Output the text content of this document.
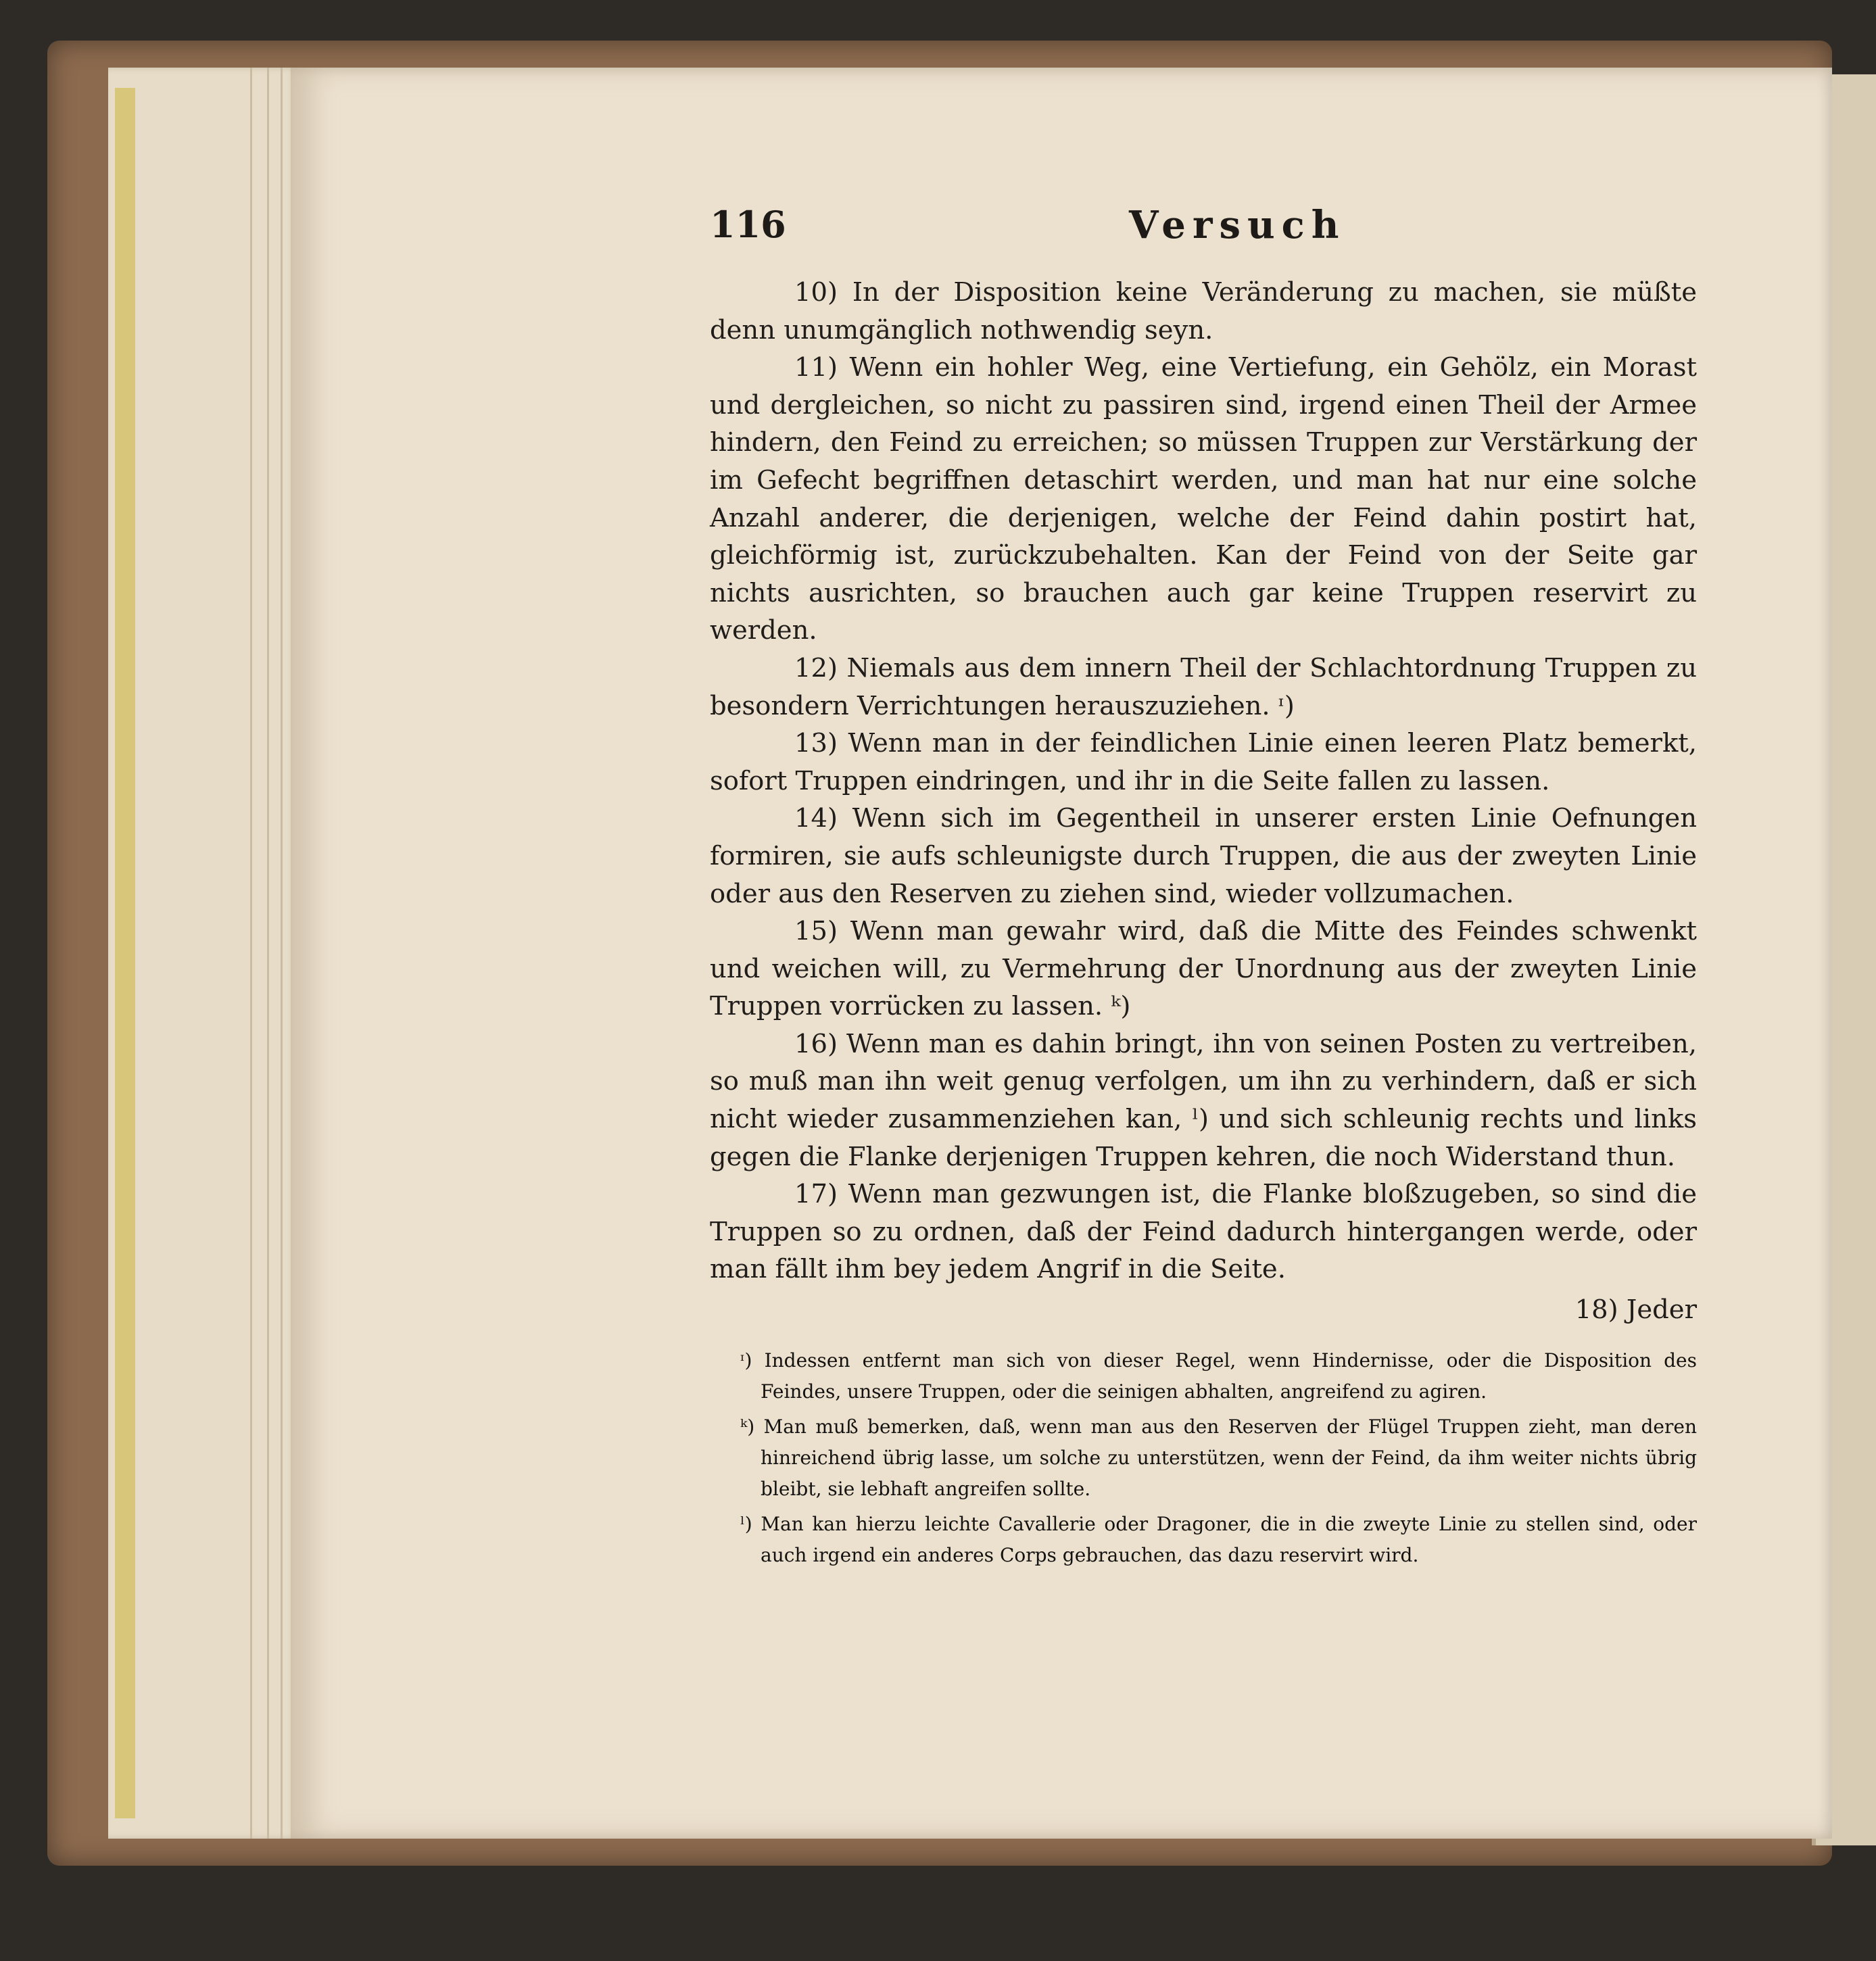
116	Versuch

10) In der Disposition keine Veränderung zu machen, sie müßte denn unumgänglich nothwendig seyn.

11) Wenn ein hohler Weg, eine Vertiefung, ein Gehölz, ein Morast und dergleichen, so nicht zu passiren sind, irgend einen Theil der Armee hindern, den Feind zu erreichen; so müssen Truppen zur Verstärkung der im Gefecht begriffnen detaschirt werden, und man hat nur eine solche Anzahl anderer, die derjenigen, welche der Feind dahin postirt hat, gleichförmig ist, zurückzubehalten. Kan der Feind von der Seite gar nichts ausrichten, so brauchen auch gar keine Truppen reservirt zu werden.

12) Niemals aus dem innern Theil der Schlachtordnung Truppen zu besondern Verrichtungen herauszuziehen. ᶦ)

13) Wenn man in der feindlichen Linie einen leeren Platz bemerkt, sofort Truppen eindringen, und ihr in die Seite fallen zu lassen.

14) Wenn sich im Gegentheil in unserer ersten Linie Oefnungen formiren, sie aufs schleunigste durch Truppen, die aus der zweyten Linie oder aus den Reserven zu ziehen sind, wieder vollzumachen.

15) Wenn man gewahr wird, daß die Mitte des Feindes schwenkt und weichen will, zu Vermehrung der Unordnung aus der zweyten Linie Truppen vorrücken zu lassen. ᵏ)

16) Wenn man es dahin bringt, ihn von seinen Posten zu vertreiben, so muß man ihn weit genug verfolgen, um ihn zu verhindern, daß er sich nicht wieder zusammenziehen kan, ˡ) und sich schleunig rechts und links gegen die Flanke derjenigen Truppen kehren, die noch Widerstand thun.

17) Wenn man gezwungen ist, die Flanke bloßzugeben, so sind die Truppen so zu ordnen, daß der Feind dadurch hintergangen werde, oder man fällt ihm bey jedem Angrif in die Seite.

18) Jeder

ᶦ) Indessen entfernt man sich von dieser Regel, wenn Hindernisse, oder die Disposition des Feindes, unsere Truppen, oder die seinigen abhalten, angreifend zu agiren.

ᵏ) Man muß bemerken, daß, wenn man aus den Reserven der Flügel Truppen zieht, man deren hinreichend übrig lasse, um solche zu unterstützen, wenn der Feind, da ihm weiter nichts übrig bleibt, sie lebhaft angreifen sollte.

ˡ) Man kan hierzu leichte Cavallerie oder Dragoner, die in die zweyte Linie zu stellen sind, oder auch irgend ein anderes Corps gebrauchen, das dazu reservirt wird.
